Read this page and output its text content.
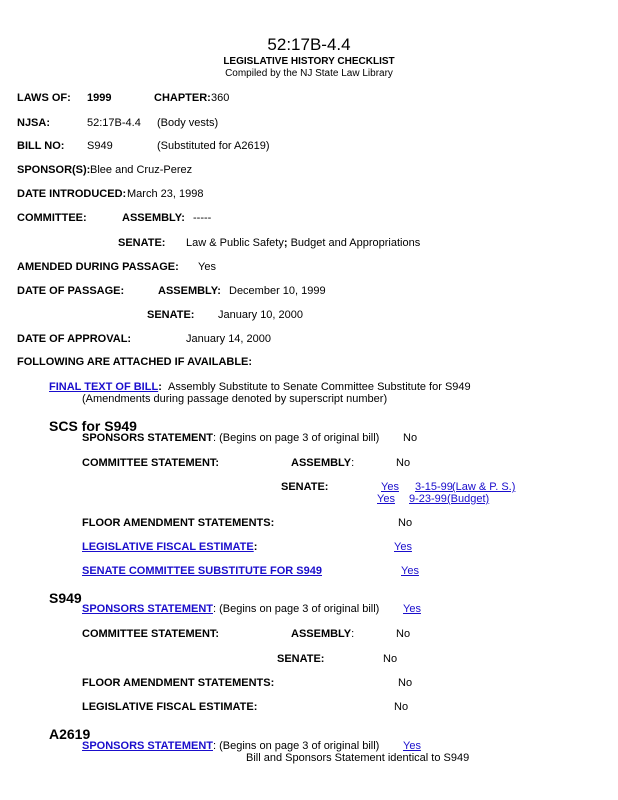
52:17B-4.4
LEGISLATIVE HISTORY CHECKLIST
Compiled by the NJ State Law Library
LAWS OF: 1999	CHAPTER: 360
NJSA:	52:17B-4.4 (Body vests)
BILL NO: S949	(Substituted for A2619)
SPONSOR(S): Blee and Cruz-Perez
DATE INTRODUCED: March 23, 1998
COMMITTEE:	ASSEMBLY: -----
SENATE: Law & Public Safety; Budget and Appropriations
AMENDED DURING PASSAGE: Yes
DATE OF PASSAGE:	ASSEMBLY: December 10, 1999
SENATE: January 10, 2000
DATE OF APPROVAL:	January 14, 2000
FOLLOWING ARE ATTACHED IF AVAILABLE:
FINAL TEXT OF BILL: Assembly Substitute to Senate Committee Substitute for S949
(Amendments during passage denoted by superscript number)
SCS for S949
SPONSORS STATEMENT: (Begins on page 3 of original bill) No
COMMITTEE STATEMENT:	ASSEMBLY:	No
SENATE:	Yes 3-15-99 (Law & P. S.)
Yes 9-23-99 (Budget)
FLOOR AMENDMENT STATEMENTS:	No
LEGISLATIVE FISCAL ESTIMATE:	Yes
SENATE COMMITTEE SUBSTITUTE FOR S949	Yes
S949
SPONSORS STATEMENT: (Begins on page 3 of original bill) Yes
COMMITTEE STATEMENT:	ASSEMBLY:	No
SENATE:	No
FLOOR AMENDMENT STATEMENTS:	No
LEGISLATIVE FISCAL ESTIMATE:	No
A2619
SPONSORS STATEMENT: (Begins on page 3 of original bill) Yes
Bill and Sponsors Statement identical to S949
